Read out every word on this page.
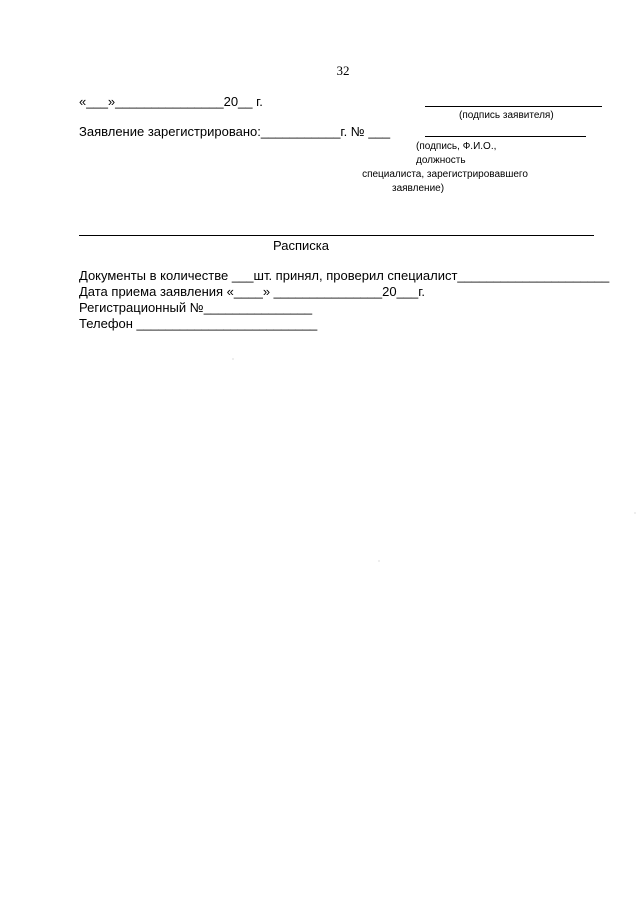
32
«___»_______________20__ г.
(подпись заявителя)
Заявление зарегистрировано:___________г. № ___
(подпись, Ф.И.О., должность
специалиста, зарегистрировавшего
заявление)
Расписка
Документы в количестве ___шт. принял, проверил специалист_____________________
Дата приема заявления «____» _______________20___г.
Регистрационный №_______________
Телефон _________________________
